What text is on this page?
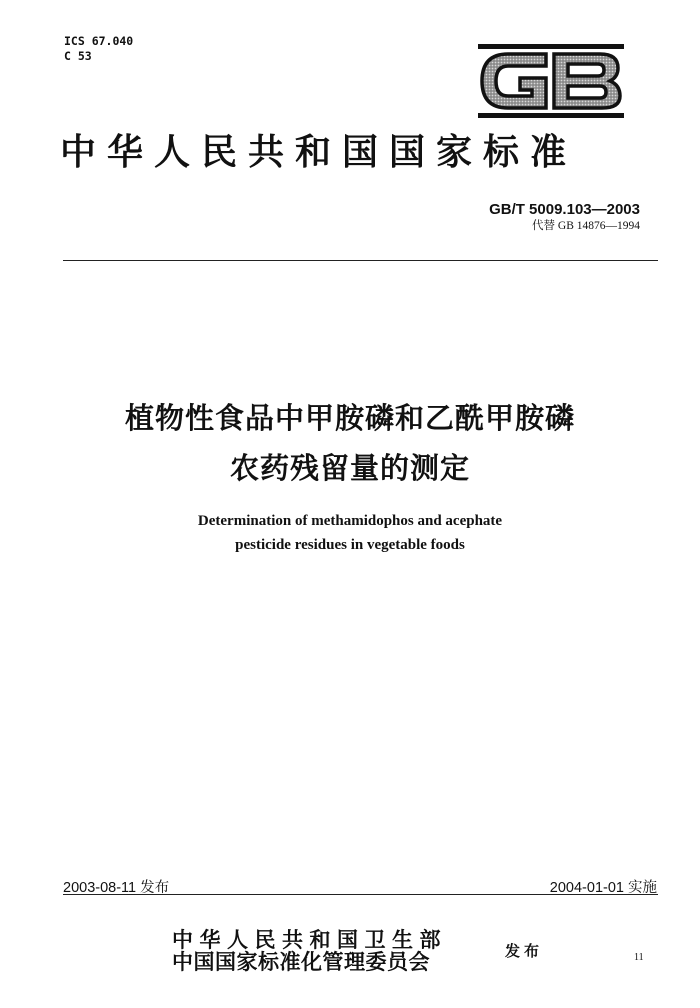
ICS 67.040
C 53
中华人民共和国国家标准
GB/T 5009.103—2003
代替 GB 14876—1994
植物性食品中甲胺磷和乙酰甲胺磷
农药残留量的测定
Determination of methamidophos and acephate
pesticide residues in vegetable foods
2003-08-11 发布	2004-01-01 实施
中华人民共和国卫生部
中国国家标准化管理委员会	发布	11
